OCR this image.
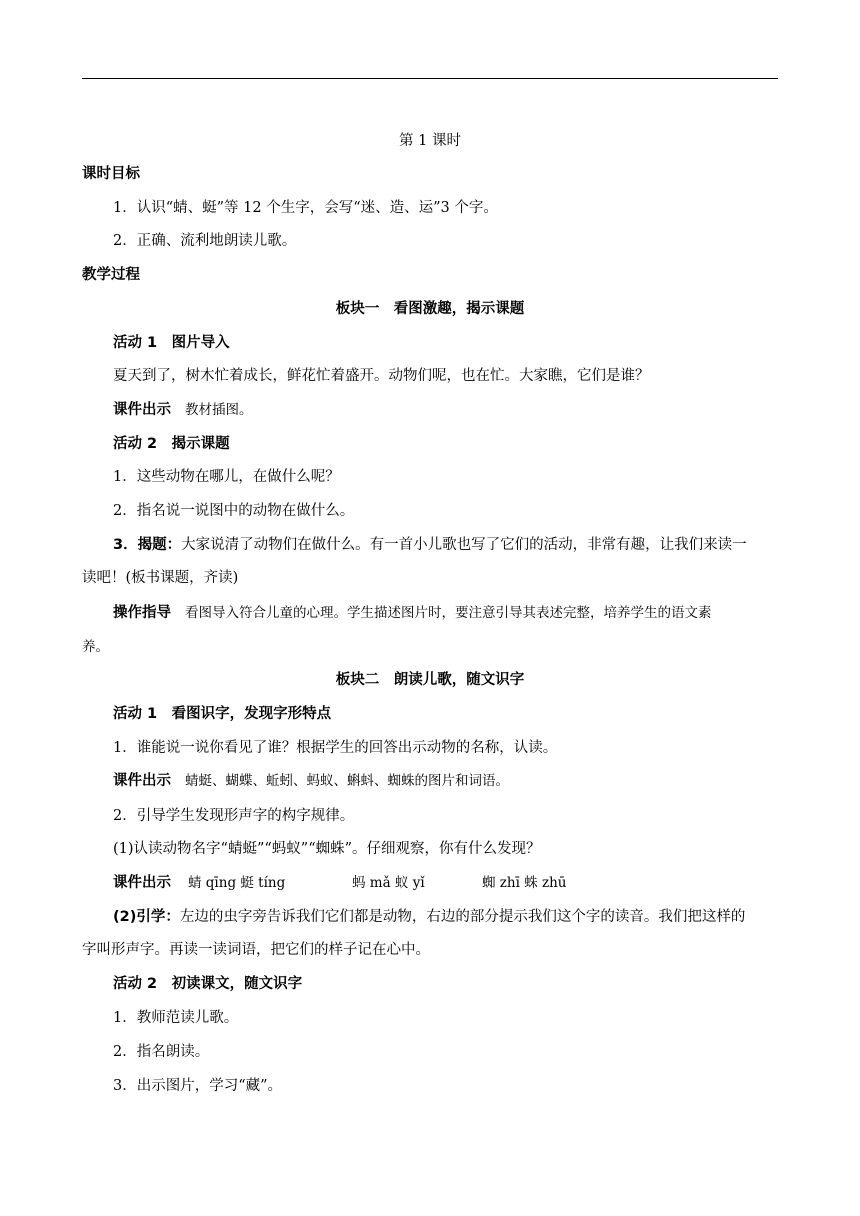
第 1 课时
课时目标
1．认识“蜻、蜓”等 12 个生字，会写“迷、造、运”3 个字。
2．正确、流利地朗读儿歌。
教学过程
板块一　看图激趣，揭示课题
活动 1　图片导入
夏天到了，树木忙着成长，鲜花忙着盛开。动物们呢，也在忙。大家瞧，它们是谁？
课件出示 教材插图。
活动 2　揭示课题
1．这些动物在哪儿，在做什么呢？
2．指名说一说图中的动物在做什么。
3．揭题：大家说清了动物们在做什么。有一首小儿歌也写了它们的活动，非常有趣，让我们来读一
读吧！(板书课题，齐读)
操作指导 看图导入符合儿童的心理。学生描述图片时，要注意引导其表述完整，培养学生的语文素
养。
板块二　朗读儿歌，随文识字
活动 1　看图识字，发现字形特点
1．谁能说一说你看见了谁？根据学生的回答出示动物的名称，认读。
课件出示 蜻蜓、蝴蝶、蚯蚓、蚂蚁、蝌蚪、蜘蛛的图片和词语。
2．引导学生发现形声字的构字规律。
(1)认读动物名字“蜻蜓”“蚂蚁”“蜘蛛”。仔细观察，你有什么发现？
课件出示 蜻 qīng 蜓 tíng	蚂 mǎ 蚁 yǐ	蜘 zhī 蛛 zhū
(2)引学：左边的虫字旁告诉我们它们都是动物，右边的部分提示我们这个字的读音。我们把这样的
字叫形声字。再读一读词语，把它们的样子记在心中。
活动 2　初读课文，随文识字
1．教师范读儿歌。
2．指名朗读。
3．出示图片，学习“藏”。
